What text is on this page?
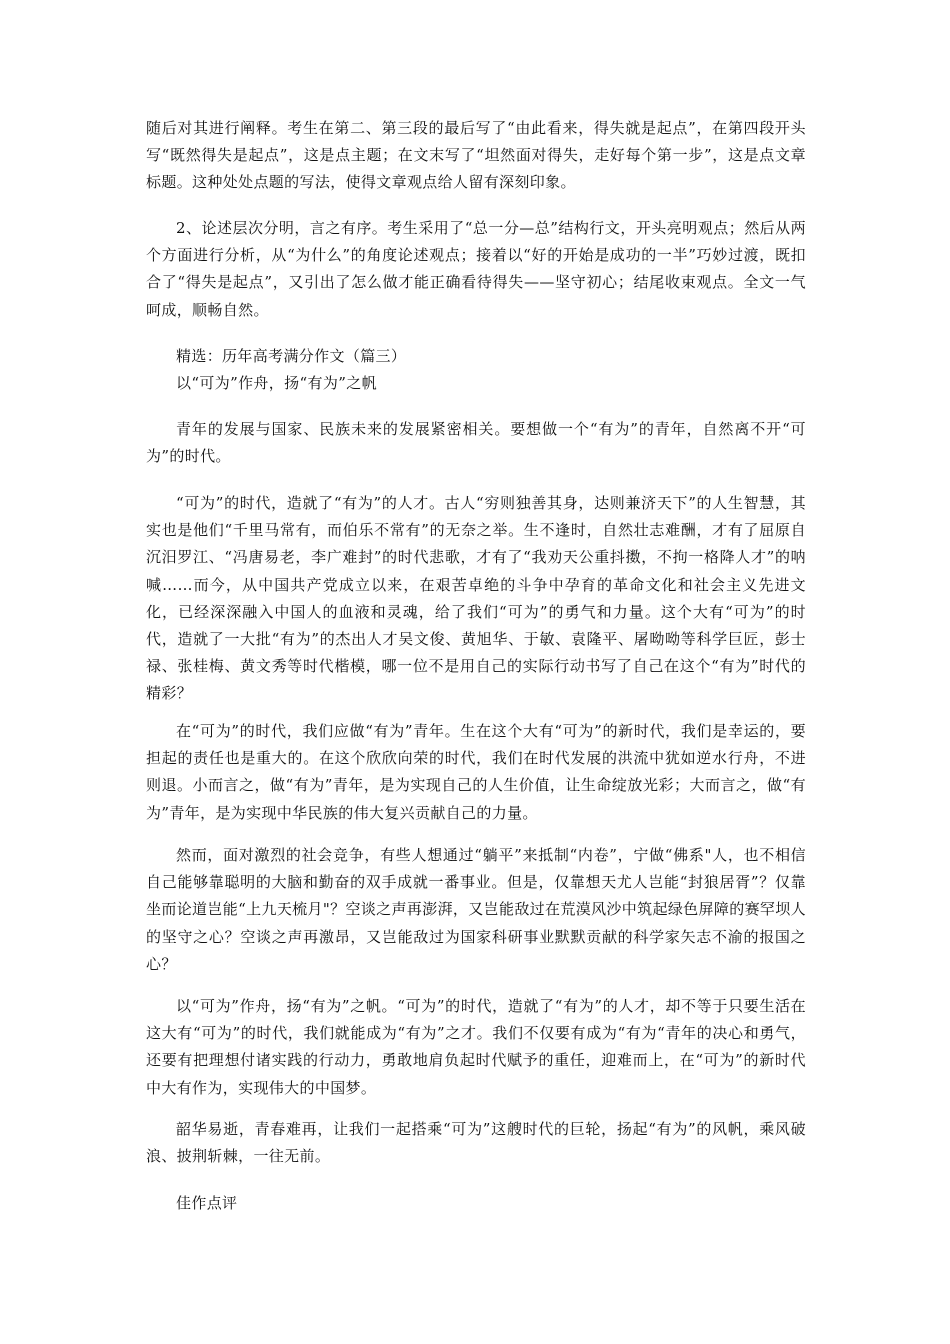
随后对其进行阐释。考生在第二、第三段的最后写了“由此看来，得失就是起点”，在第四段开头写“既然得失是起点”，这是点主题；在文末写了“坦然面对得失，走好每个第一步”，这是点文章标题。这种处处点题的写法，使得文章观点给人留有深刻印象。

2、论述层次分明，言之有序。考生采用了“总一分—总”结构行文，开头亮明观点；然后从两个方面进行分析，从“为什么”的角度论述观点；接着以“好的开始是成功的一半”巧妙过渡，既扣合了“得失是起点”，又引出了怎么做才能正确看待得失——坚守初心；结尾收束观点。全文一气呵成，顺畅自然。

精选：历年高考满分作文（篇三）

以“可为”作舟，扬“有为”之帆

青年的发展与国家、民族未来的发展紧密相关。要想做一个“有为”的青年，自然离不开“可为”的时代。

“可为”的时代，造就了“有为”的人才。古人“穷则独善其身，达则兼济天下”的人生智慧，其实也是他们“千里马常有，而伯乐不常有”的无奈之举。生不逢时，自然壮志难酬，才有了屈原自沉汨罗江、“冯唐易老，李广难封”的时代悲歌，才有了“我劝天公重抖擞，不拘一格降人才”的呐喊……而今，从中国共产党成立以来，在艰苦卓绝的斗争中孕育的革命文化和社会主义先进文化，已经深深融入中国人的血液和灵魂，给了我们“可为”的勇气和力量。这个大有“可为”的时代，造就了一大批“有为”的杰出人才吴文俊、黄旭华、于敏、袁隆平、屠呦呦等科学巨匠，彭士禄、张桂梅、黄文秀等时代楷模，哪一位不是用自己的实际行动书写了自己在这个“有为”时代的精彩？

在“可为”的时代，我们应做“有为”青年。生在这个大有“可为”的新时代，我们是幸运的，要担起的责任也是重大的。在这个欣欣向荣的时代，我们在时代发展的洪流中犹如逆水行舟，不进则退。小而言之，做“有为”青年，是为实现自己的人生价值，让生命绽放光彩；大而言之，做“有为”青年，是为实现中华民族的伟大复兴贡献自己的力量。

然而，面对激烈的社会竞争，有些人想通过“躺平”来抵制“内卷”，宁做“佛系"人，也不相信自己能够靠聪明的大脑和勤奋的双手成就一番事业。但是，仅靠想天尤人岂能“封狼居胥”？仅靠坐而论道岂能“上九天梳月"？空谈之声再澎湃，又岂能敌过在荒漠风沙中筑起绿色屏障的赛罕坝人的坚守之心？空谈之声再激昂，又岂能敌过为国家科研事业默默贡献的科学家矢志不渝的报国之心？

以“可为”作舟，扬“有为”之帆。“可为”的时代，造就了“有为”的人才，却不等于只要生活在这大有“可为”的时代，我们就能成为“有为”之才。我们不仅要有成为“有为“青年的决心和勇气，还要有把理想付诸实践的行动力，勇敢地肩负起时代赋予的重任，迎难而上，在“可为”的新时代中大有作为，实现伟大的中国梦。

韶华易逝，青春难再，让我们一起搭乘“可为”这艘时代的巨轮，扬起“有为”的风帆，乘风破浪、披荆斩棘，一往无前。

佳作点评
